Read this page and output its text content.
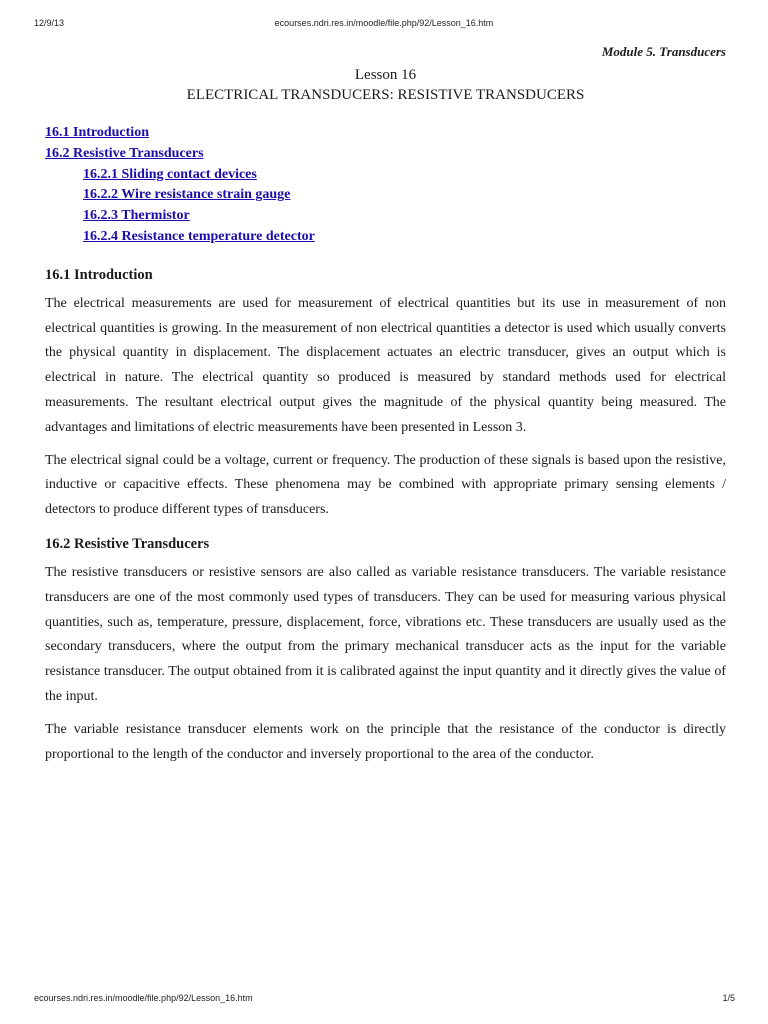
12/9/13	ecourses.ndri.res.in/moodle/file.php/92/Lesson_16.htm
Module 5. Transducers
Lesson 16
ELECTRICAL TRANSDUCERS: RESISTIVE TRANSDUCERS
16.1 Introduction
16.2 Resistive Transducers
16.2.1 Sliding contact devices
16.2.2 Wire resistance strain gauge
16.2.3 Thermistor
16.2.4 Resistance temperature detector
16.1 Introduction

The electrical measurements are used for measurement of electrical quantities but its use in measurement of non electrical quantities is growing. In the measurement of non electrical quantities a detector is used which usually converts the physical quantity in displacement. The displacement actuates an electric transducer, gives an output which is electrical in nature. The electrical quantity so produced is measured by standard methods used for electrical measurements. The resultant electrical output gives the magnitude of the physical quantity being measured. The advantages and limitations of electric measurements have been presented in Lesson 3.

The electrical signal could be a voltage, current or frequency. The production of these signals is based upon the resistive, inductive or capacitive effects. These phenomena may be combined with appropriate primary sensing elements / detectors to produce different types of transducers.

16.2 Resistive Transducers

The resistive transducers or resistive sensors are also called as variable resistance transducers. The variable resistance transducers are one of the most commonly used types of transducers. They can be used for measuring various physical quantities, such as, temperature, pressure, displacement, force, vibrations etc. These transducers are usually used as the secondary transducers, where the output from the primary mechanical transducer acts as the input for the variable resistance transducer. The output obtained from it is calibrated against the input quantity and it directly gives the value of the input.

The variable resistance transducer elements work on the principle that the resistance of the conductor is directly proportional to the length of the conductor and inversely proportional to the area of the conductor.

ecourses.ndri.res.in/moodle/file.php/92/Lesson_16.htm	1/5
